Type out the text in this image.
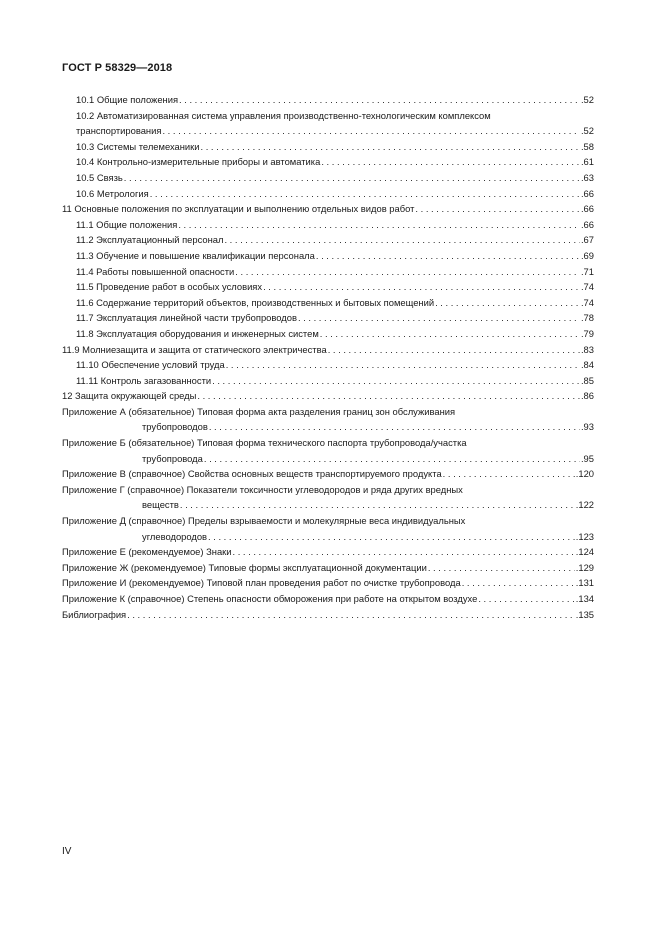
ГОСТ Р 58329—2018
10.1 Общие положения . . .	.52
10.2 Автоматизированная система управления производственно-технологическим комплексом
транспортирования . . .	.52
10.3 Системы телемеханики . . .	.58
10.4 Контрольно-измерительные приборы и автоматика . . .	.61
10.5 Связь . . .	.63
10.6 Метрология . . .	.66
11 Основные положения по эксплуатации и выполнению отдельных видов работ . . .	.66
11.1 Общие положения . . .	.66
11.2 Эксплуатационный персонал . . .	.67
11.3 Обучение и повышение квалификации персонала . . .	.69
11.4 Работы повышенной опасности . . .	.71
11.5 Проведение работ в особых условиях . . .	.74
11.6 Содержание территорий объектов, производственных и бытовых помещений . . .	.74
11.7 Эксплуатация линейной части трубопроводов . . .	.78
11.8 Эксплуатация оборудования и инженерных систем . . .	.79
11.9 Молниезащита и защита от статического электричества . . .	.83
11.10 Обеспечение условий труда . . .	.84
11.11 Контроль загазованности . . .	.85
12 Защита окружающей среды . . .	.86
Приложение А (обязательное) Типовая форма акта разделения границ зон обслуживания
трубопроводов . . .	.93
Приложение Б (обязательное) Типовая форма технического паспорта трубопровода/участка
трубопровода . . .	.95
Приложение В (справочное) Свойства основных веществ транспортируемого продукта . . .	.120
Приложение Г (справочное) Показатели токсичности углеводородов и ряда других вредных
веществ . . .	.122
Приложение Д (справочное) Пределы взрываемости и молекулярные веса индивидуальных
углеводородов . . .	.123
Приложение Е (рекомендуемое) Знаки . . .	.124
Приложение Ж (рекомендуемое) Типовые формы эксплуатационной документации . . .	.129
Приложение И (рекомендуемое) Типовой план проведения работ по очистке трубопровода . . .	.131
Приложение К (справочное) Степень опасности обморожения при работе на открытом воздухе . . .	.134
Библиография . . .	.135
IV
